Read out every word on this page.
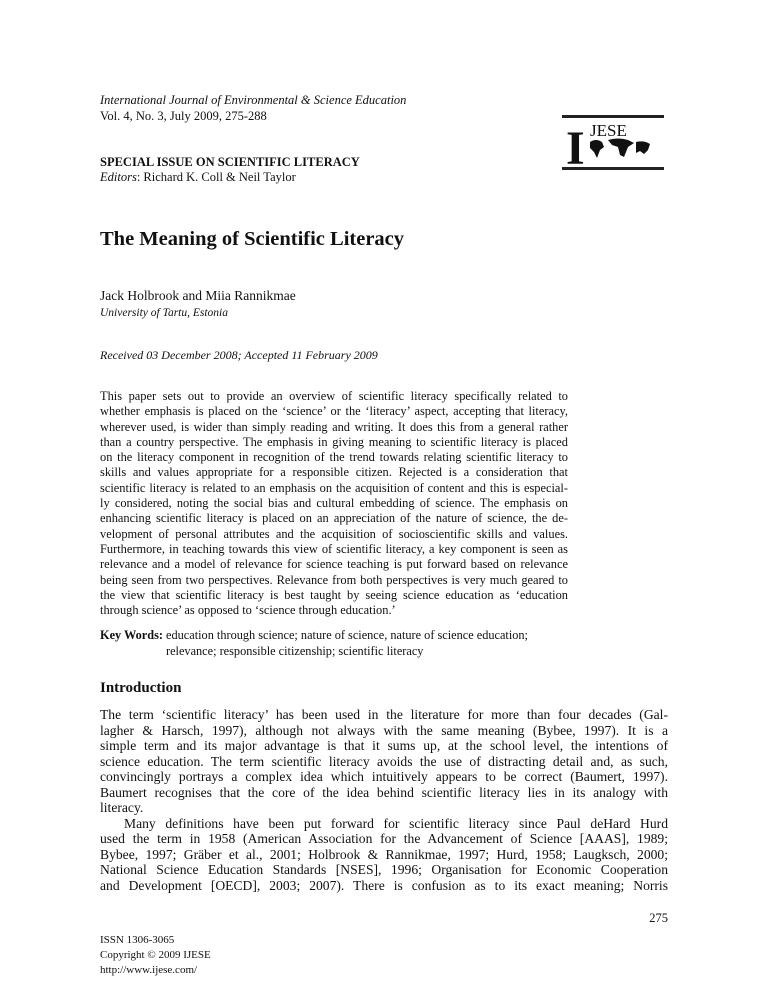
International Journal of Environmental & Science Education
Vol. 4, No. 3, July 2009, 275-288
I JESE
SPECIAL ISSUE ON SCIENTIFIC LITERACY
Editors: Richard K. Coll & Neil Taylor
The Meaning of Scientific Literacy
Jack Holbrook and Miia Rannikmae
University of Tartu, Estonia
Received 03 December 2008; Accepted 11 February 2009
This paper sets out to provide an overview of scientific literacy specifically related to
whether emphasis is placed on the ‘science’ or the ‘literacy’ aspect, accepting that literacy,
wherever used, is wider than simply reading and writing. It does this from a general rather
than a country perspective. The emphasis in giving meaning to scientific literacy is placed
on the literacy component in recognition of the trend towards relating scientific literacy to
skills and values appropriate for a responsible citizen. Rejected is a consideration that
scientific literacy is related to an emphasis on the acquisition of content and this is especial-
ly considered, noting the social bias and cultural embedding of science. The emphasis on
enhancing scientific literacy is placed on an appreciation of the nature of science, the de-
velopment of personal attributes and the acquisition of socioscientific skills and values.
Furthermore, in teaching towards this view of scientific literacy, a key component is seen as
relevance and a model of relevance for science teaching is put forward based on relevance
being seen from two perspectives. Relevance from both perspectives is very much geared to
the view that scientific literacy is best taught by seeing science education as ‘education
through science’ as opposed to ‘science through education.’
Key Words: education through science; nature of science, nature of science education;
relevance; responsible citizenship; scientific literacy
Introduction
The term ‘scientific literacy’ has been used in the literature for more than four decades (Gal-
lagher & Harsch, 1997), although not always with the same meaning (Bybee, 1997). It is a
simple term and its major advantage is that it sums up, at the school level, the intentions of
science education. The term scientific literacy avoids the use of distracting detail and, as such,
convincingly portrays a complex idea which intuitively appears to be correct (Baumert, 1997).
Baumert recognises that the core of the idea behind scientific literacy lies in its analogy with
literacy.
Many definitions have been put forward for scientific literacy since Paul deHard Hurd
used the term in 1958 (American Association for the Advancement of Science [AAAS], 1989;
Bybee, 1997; Gräber et al., 2001; Holbrook & Rannikmae, 1997; Hurd, 1958; Laugksch, 2000;
National Science Education Standards [NSES], 1996; Organisation for Economic Cooperation
and Development [OECD], 2003; 2007). There is confusion as to its exact meaning; Norris
275
ISSN 1306-3065
Copyright © 2009 IJESE
http://www.ijese.com/
